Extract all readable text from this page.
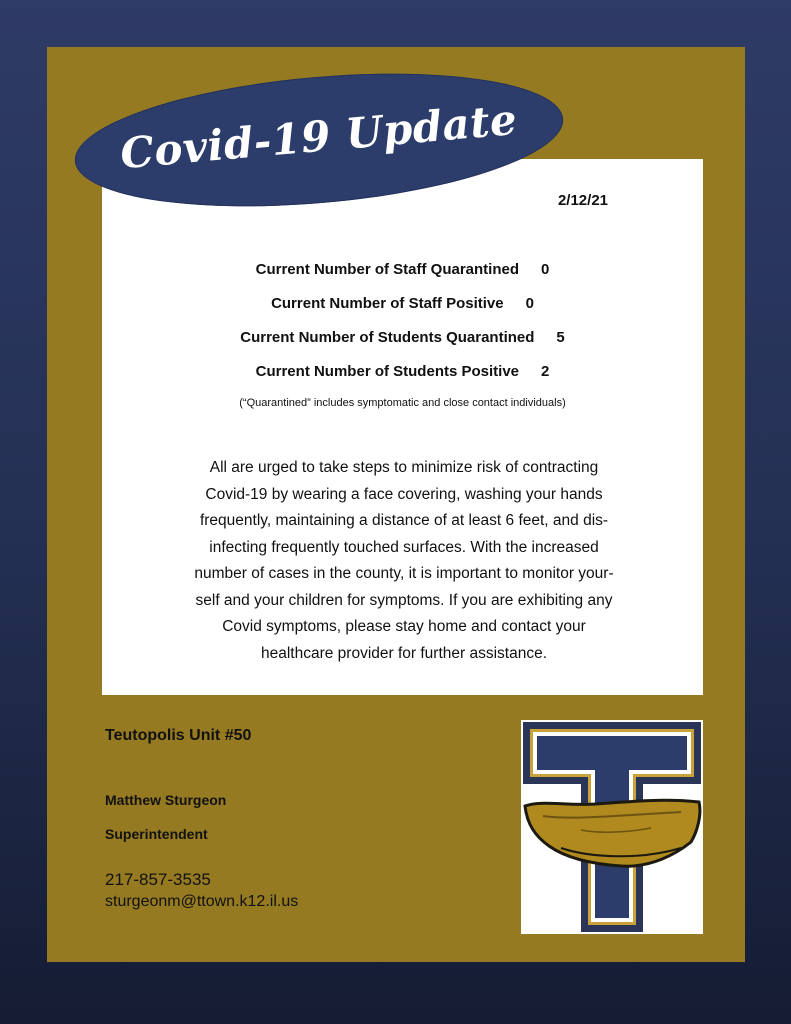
2/12/21
Current Number of Staff Quarantined 0
Current Number of Staff Positive 0
Current Number of Students Quarantined 5
Current Number of Students Positive 2
(“Quarantined” includes symptomatic and close contact individuals)
All are urged to take steps to minimize risk of contracting
Covid-19 by wearing a face covering, washing your hands
frequently, maintaining a distance of at least 6 feet, and dis-
infecting frequently touched surfaces. With the increased
number of cases in the county, it is important to monitor your-
self and your children for symptoms. If you are exhibiting any
Covid symptoms, please stay home and contact your
healthcare provider for further assistance.
Covid-19 Update
Teutopolis Unit #50
Matthew Sturgeon
Superintendent
217-857-3535
sturgeonm@ttown.k12.il.us
